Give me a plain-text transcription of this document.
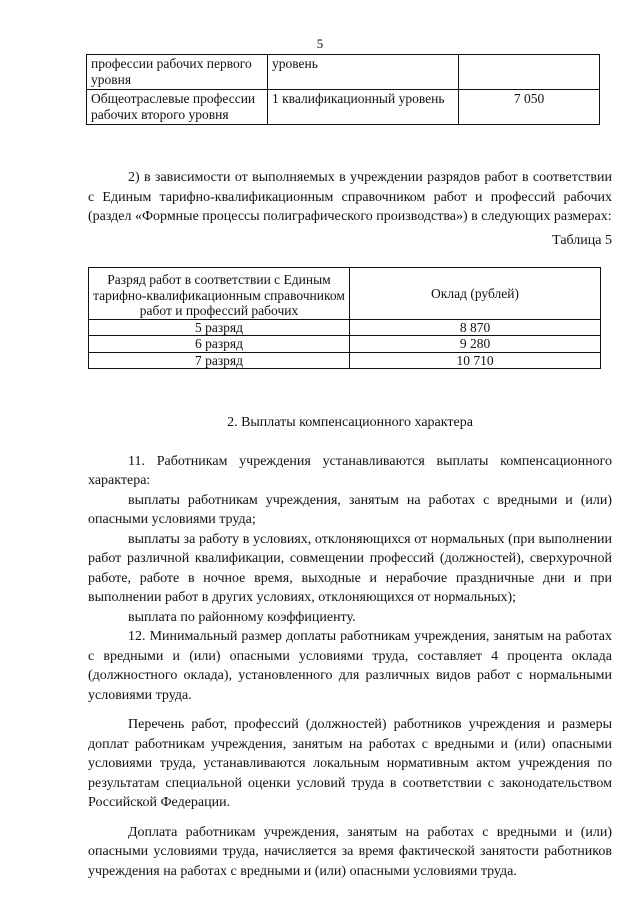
5
профессии рабочих первого уровня	уровень	
Общеотраслевые профессии рабочих второго уровня	1 квалификационный уровень	7 050

2) в зависимости от выполняемых в учреждении разрядов работ в соответствии с Единым тарифно-квалификационным справочником работ и профессий рабочих (раздел «Формные процессы полиграфического производства») в следующих размерах:

Таблица 5

Разряд работ в соответствии с Единым тарифно-квалификационным справочником работ и профессий рабочих	Оклад (рублей)
5 разряд	8 870
6 разряд	9 280
7 разряд	10 710

2. Выплаты компенсационного характера

11. Работникам учреждения устанавливаются выплаты компенсационного характера:

выплаты работникам учреждения, занятым на работах с вредными и (или) опасными условиями труда;

выплаты за работу в условиях, отклоняющихся от нормальных (при выполнении работ различной квалификации, совмещении профессий (должностей), сверхурочной работе, работе в ночное время, выходные и нерабочие праздничные дни и при выполнении работ в других условиях, отклоняющихся от нормальных);

выплата по районному коэффициенту.

12. Минимальный размер доплаты работникам учреждения, занятым на работах с вредными и (или) опасными условиями труда, составляет 4 процента оклада (должностного оклада), установленного для различных видов работ с нормальными условиями труда.

Перечень работ, профессий (должностей) работников учреждения и размеры доплат работникам учреждения, занятым на работах с вредными и (или) опасными условиями труда, устанавливаются локальным нормативным актом учреждения по результатам специальной оценки условий труда в соответствии с законодательством Российской Федерации.

Доплата работникам учреждения, занятым на работах с вредными и (или) опасными условиями труда, начисляется за время фактической занятости работников учреждения на работах с вредными и (или) опасными условиями труда.
